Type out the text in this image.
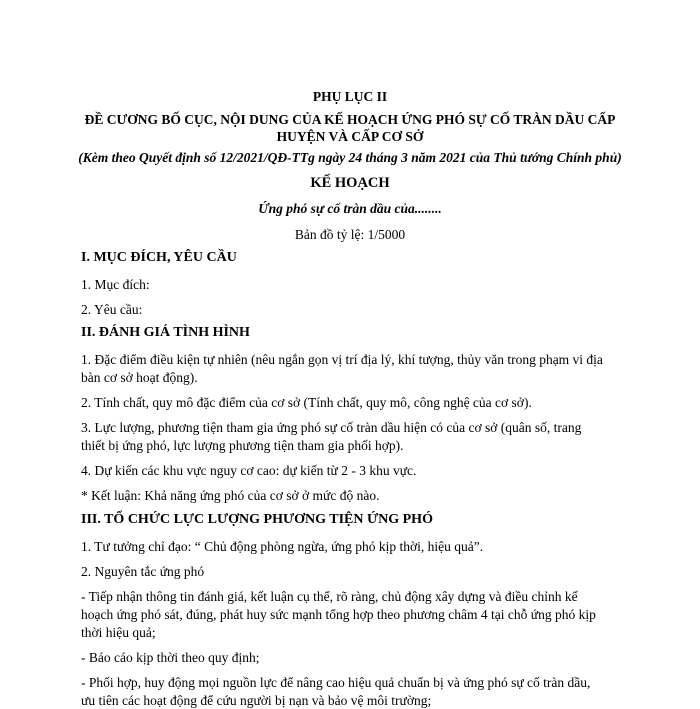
PHỤ LỤC II
ĐỀ CƯƠNG BỐ CỤC, NỘI DUNG CỦA KẾ HOẠCH ỨNG PHÓ SỰ CỐ TRÀN DẦU CẤP
HUYỆN VÀ CẤP CƠ SỞ
(Kèm theo Quyết định số 12/2021/QĐ-TTg ngày 24 tháng 3 năm 2021 của Thủ tướng Chính phủ)
KẾ HOẠCH
Ứng phó sự cố tràn dầu của........
Bản đồ tỷ lệ: 1/5000
I. MỤC ĐÍCH, YÊU CẦU
1. Mục đích:
2. Yêu cầu:
II. ĐÁNH GIÁ TÌNH HÌNH
1. Đặc điểm điều kiện tự nhiên (nêu ngắn gọn vị trí địa lý, khí tượng, thủy văn trong phạm vi địa
bàn cơ sở hoạt động).
2. Tính chất, quy mô đặc điểm của cơ sở (Tính chất, quy mô, công nghệ của cơ sở).
3. Lực lượng, phương tiện tham gia ứng phó sự cố tràn dầu hiện có của cơ sở (quân số, trang
thiết bị ứng phó, lực lượng phương tiện tham gia phối hợp).
4. Dự kiến các khu vực nguy cơ cao: dự kiến từ 2 - 3 khu vực.
* Kết luận: Khả năng ứng phó của cơ sở ở mức độ nào.
III. TỔ CHỨC LỰC LƯỢNG PHƯƠNG TIỆN ỨNG PHÓ
1. Tư tưởng chỉ đạo: “ Chủ động phòng ngừa, ứng phó kịp thời, hiệu quả”.
2. Nguyên tắc ứng phó
- Tiếp nhận thông tin đánh giá, kết luận cụ thể, rõ ràng, chủ động xây dựng và điều chỉnh kế
hoạch ứng phó sát, đúng, phát huy sức mạnh tổng hợp theo phương châm 4 tại chỗ ứng phó kịp
thời hiệu quả;
- Báo cáo kịp thời theo quy định;
- Phối hợp, huy động mọi nguồn lực để nâng cao hiệu quả chuẩn bị và ứng phó sự cố tràn dầu,
ưu tiên các hoạt động để cứu người bị nạn và bảo vệ môi trường;
